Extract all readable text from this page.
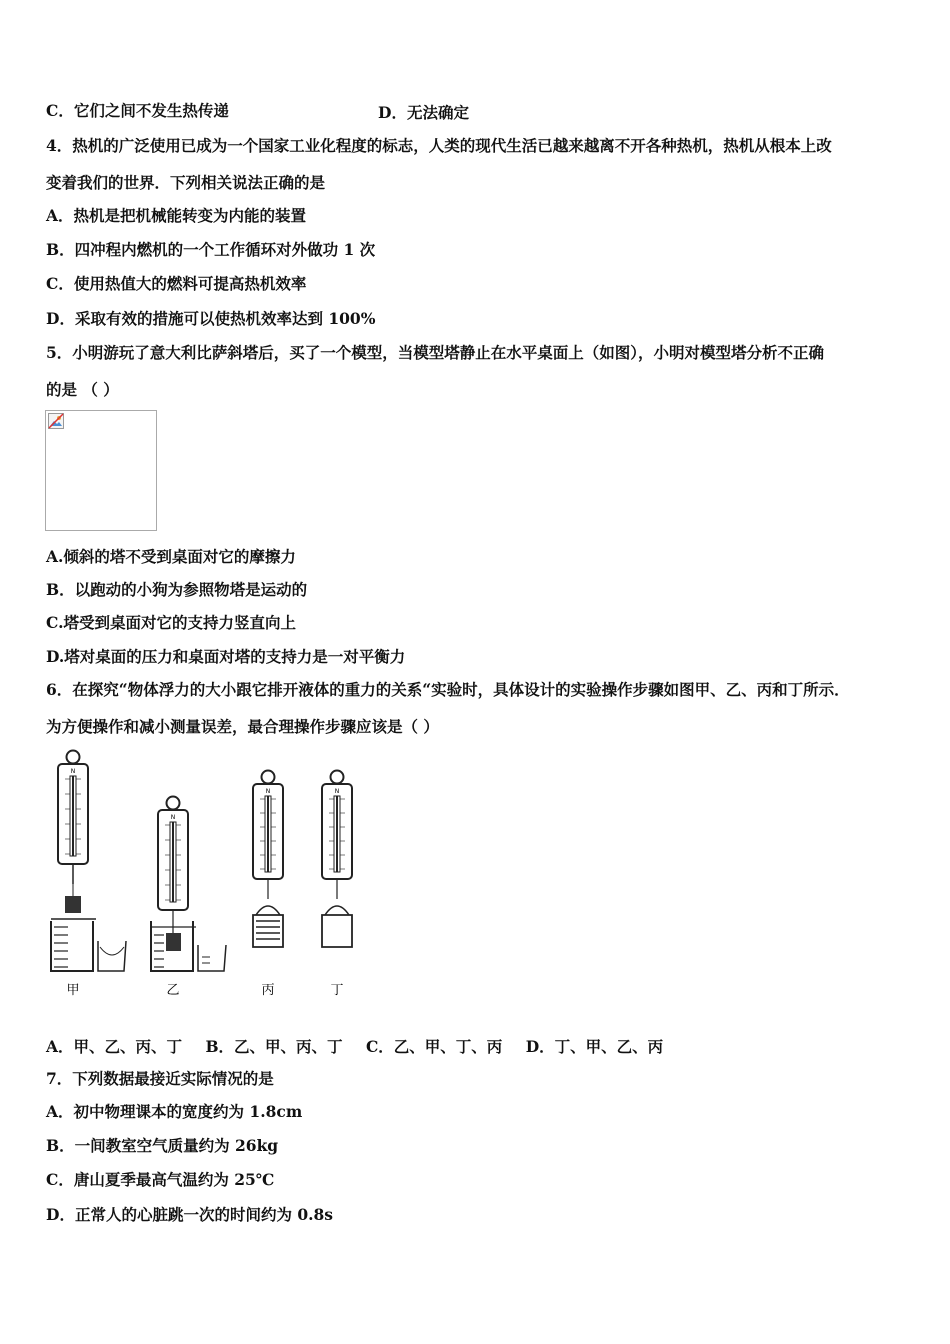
C．它们之间不发生热传递	D．无法确定
4．热机的广泛使用已成为一个国家工业化程度的标志，人类的现代生活已越来越离不开各种热机，热机从根本上改
变着我们的世界．下列相关说法正确的是
A．热机是把机械能转变为内能的装置
B．四冲程内燃机的一个工作循环对外做功 1 次
C．使用热值大的燃料可提高热机效率
D．采取有效的措施可以使热机效率达到 100%
5．小明游玩了意大利比萨斜塔后，买了一个模型，当模型塔静止在水平桌面上（如图），小明对模型塔分析不正确
的是 （ ）
A.倾斜的塔不受到桌面对它的摩擦力
B．以跑动的小狗为参照物塔是运动的
C.塔受到桌面对它的支持力竖直向上
D.塔对桌面的压力和桌面对塔的支持力是一对平衡力
6．在探究“物体浮力的大小跟它排开液体的重力的关系“实验时，具体设计的实验操作步骤如图甲、乙、丙和丁所示．
为方便操作和减小测量误差，最合理操作步骤应该是（ ）
N
甲
N
乙
N
丙
N
丁
A．甲、乙、丙、丁 B．乙、甲、丙、丁 C．乙、甲、丁、丙 D．丁、甲、乙、丙
7．下列数据最接近实际情况的是
A．初中物理课本的宽度约为 1.8cm
B．一间教室空气质量约为 26kg
C．唐山夏季最高气温约为 25℃
D．正常人的心脏跳一次的时间约为 0.8s
